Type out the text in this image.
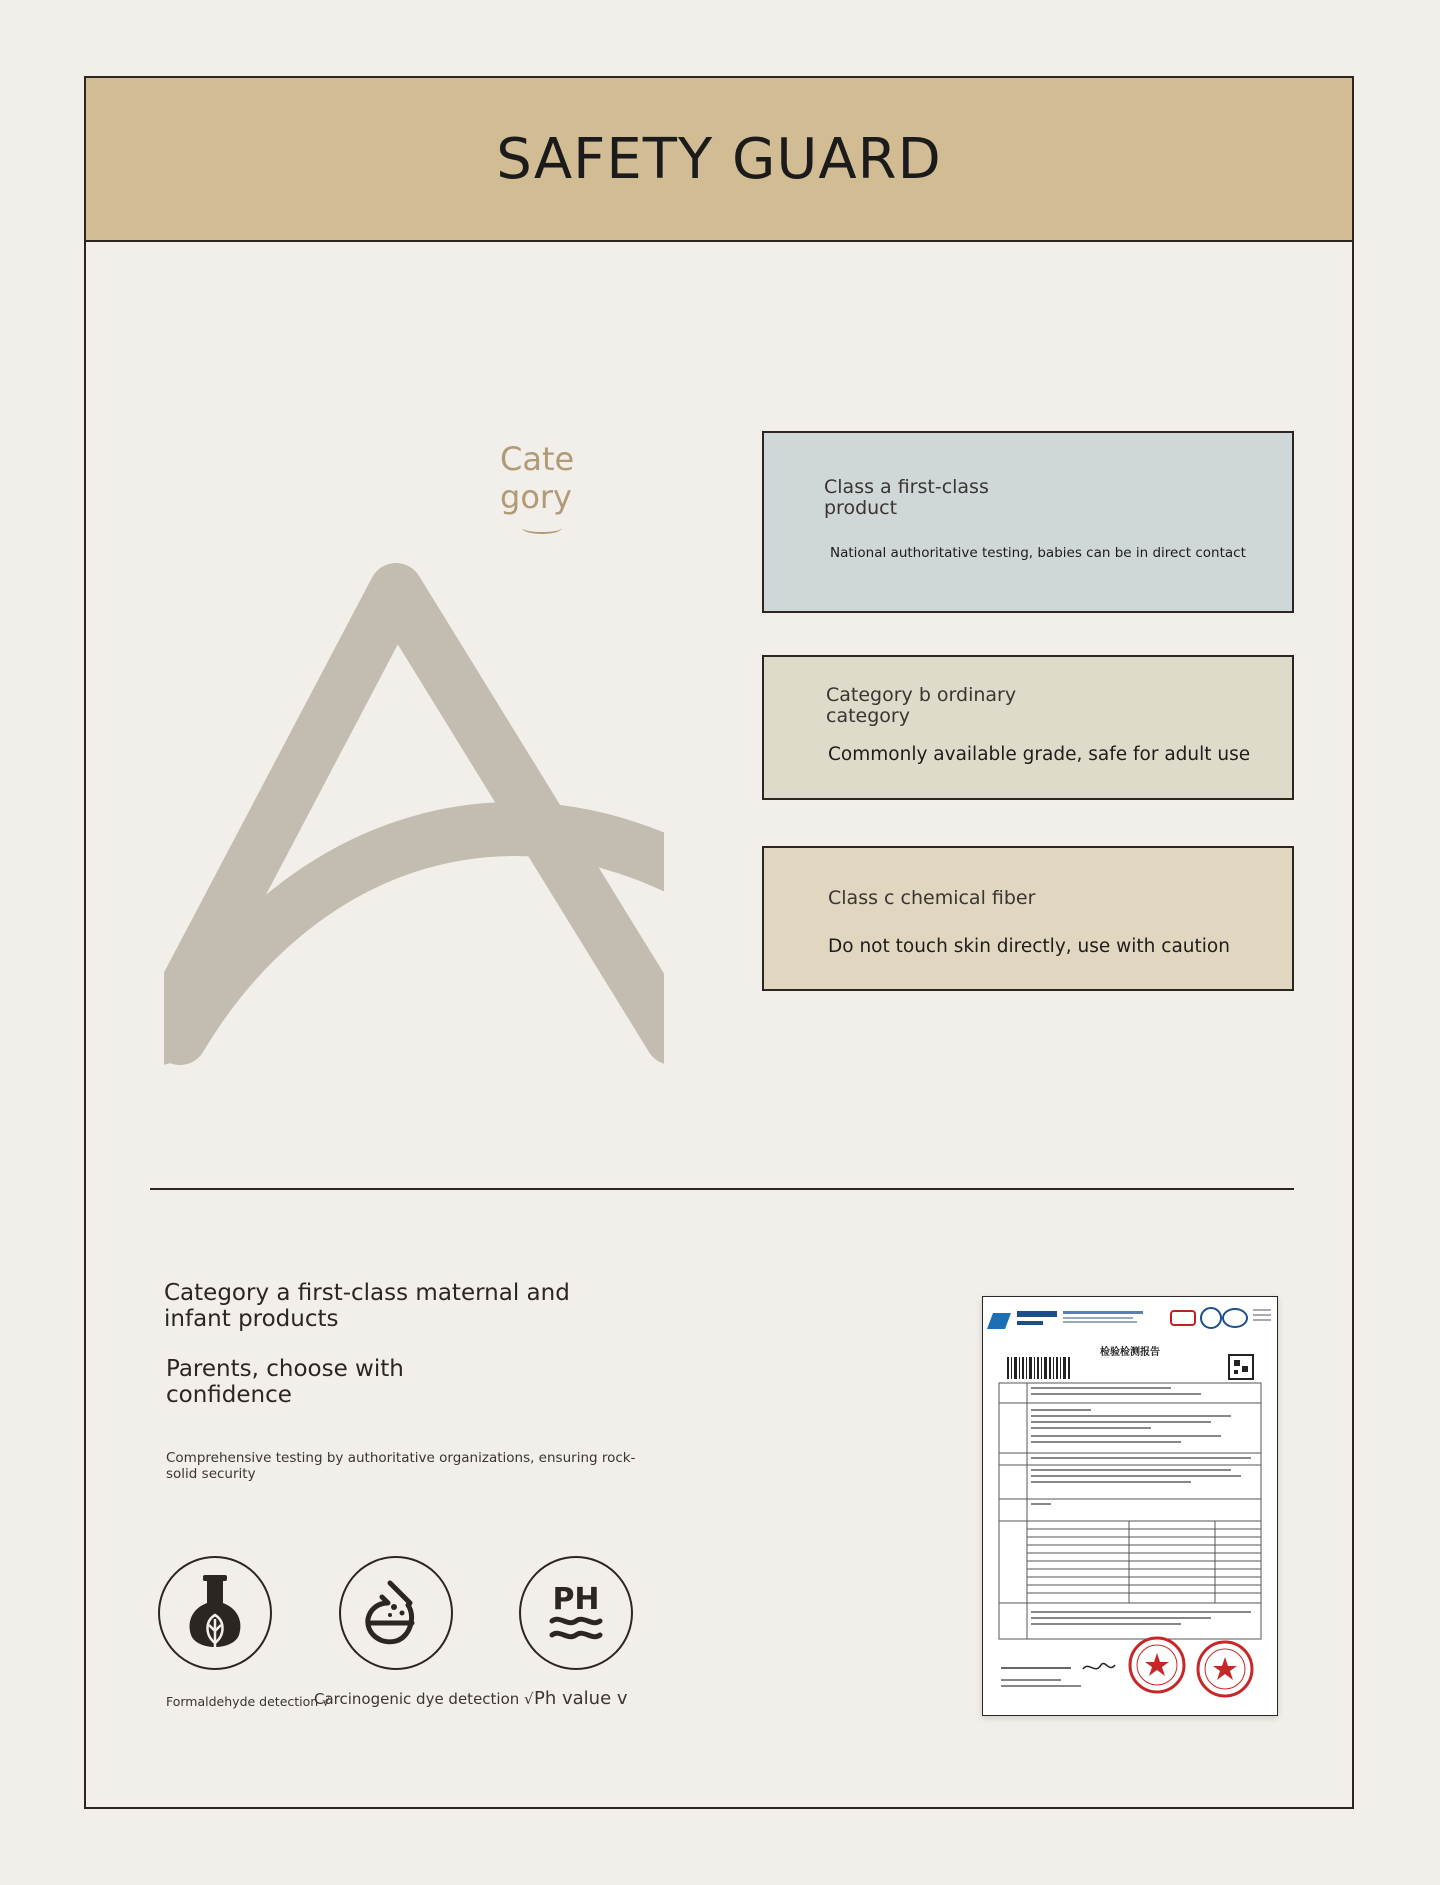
SAFETY GUARD
Cate
gory	Class a first-class product
National authoritative testing, babies can be in direct contact
Category b ordinary category
Commonly available grade, safe for adult use
Class c chemical fiber
Do not touch skin directly, use with caution
Category a first-class maternal and infant products
Parents, choose with confidence
Comprehensive testing by authoritative organizations, ensuring rock-solid security
PH
Formaldehyde detection √
Carcinogenic dye detection √ Ph value v
检验检测报告
